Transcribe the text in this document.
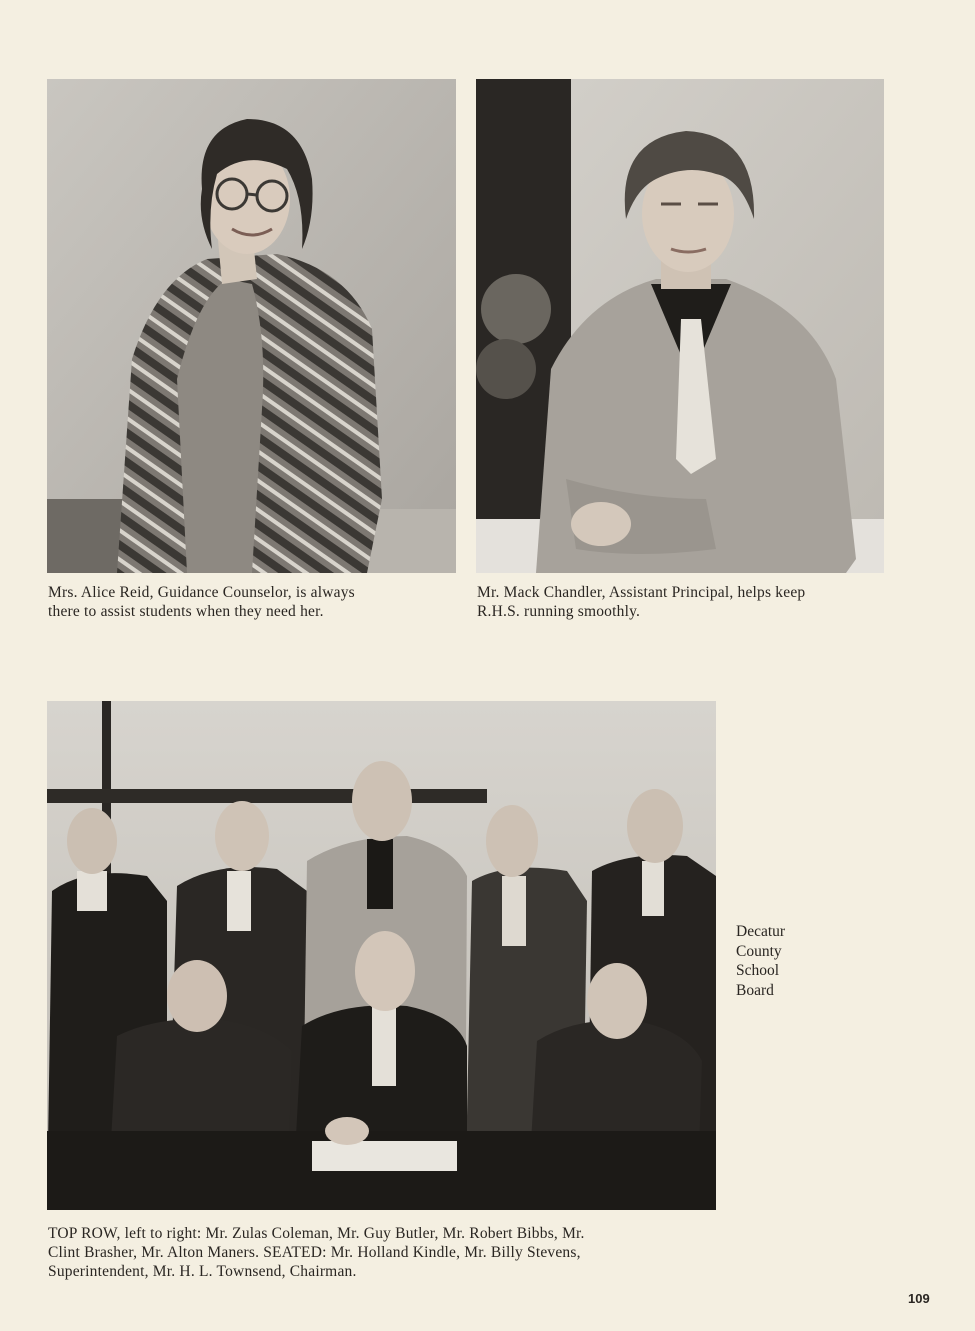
Mrs. Alice Reid, Guidance Counselor, is always
there to assist students when they need her.
Mr. Mack Chandler, Assistant Principal, helps keep
R.H.S. running smoothly.
Decatur
County
School
Board
TOP ROW, left to right: Mr. Zulas Coleman, Mr. Guy Butler, Mr. Robert Bibbs, Mr.
Clint Brasher, Mr. Alton Maners. SEATED: Mr. Holland Kindle, Mr. Billy Stevens,
Superintendent, Mr. H. L. Townsend, Chairman.
109
